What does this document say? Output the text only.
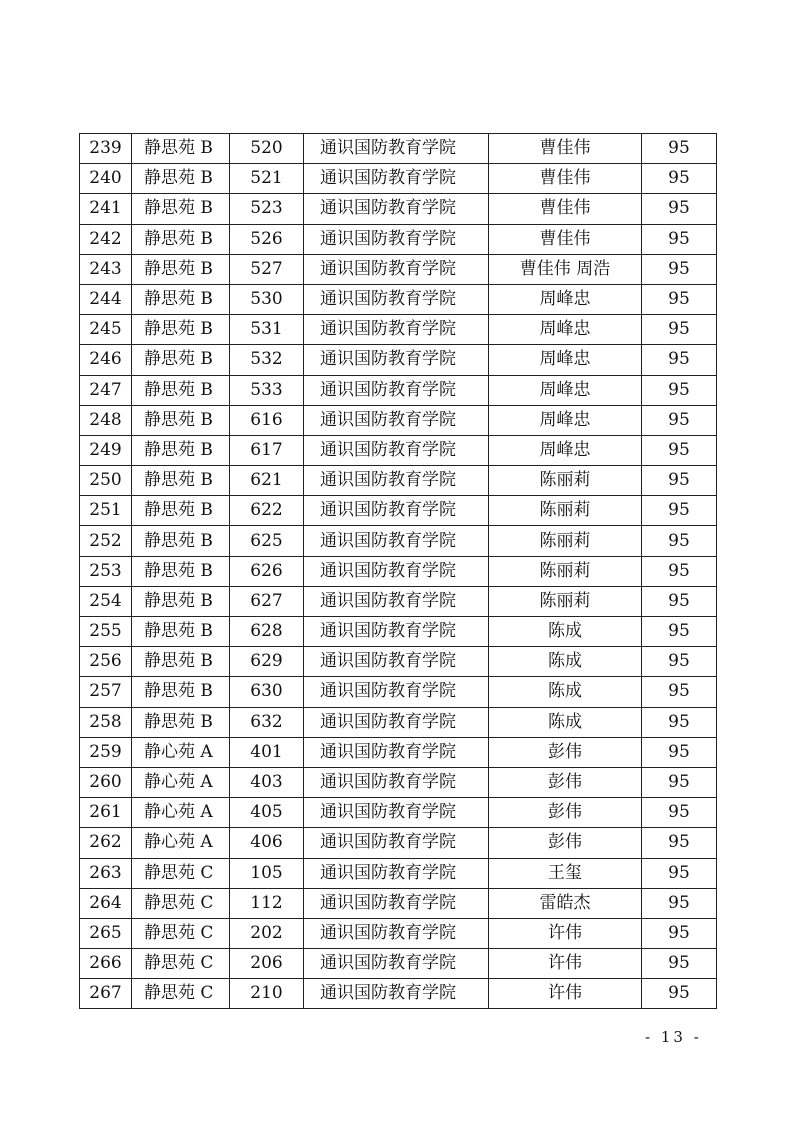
239	静思苑 B	520	通识国防教育学院	曹佳伟	95
240	静思苑 B	521	通识国防教育学院	曹佳伟	95
241	静思苑 B	523	通识国防教育学院	曹佳伟	95
242	静思苑 B	526	通识国防教育学院	曹佳伟	95
243	静思苑 B	527	通识国防教育学院	曹佳伟 周浩	95
244	静思苑 B	530	通识国防教育学院	周峰忠	95
245	静思苑 B	531	通识国防教育学院	周峰忠	95
246	静思苑 B	532	通识国防教育学院	周峰忠	95
247	静思苑 B	533	通识国防教育学院	周峰忠	95
248	静思苑 B	616	通识国防教育学院	周峰忠	95
249	静思苑 B	617	通识国防教育学院	周峰忠	95
250	静思苑 B	621	通识国防教育学院	陈丽莉	95
251	静思苑 B	622	通识国防教育学院	陈丽莉	95
252	静思苑 B	625	通识国防教育学院	陈丽莉	95
253	静思苑 B	626	通识国防教育学院	陈丽莉	95
254	静思苑 B	627	通识国防教育学院	陈丽莉	95
255	静思苑 B	628	通识国防教育学院	陈成	95
256	静思苑 B	629	通识国防教育学院	陈成	95
257	静思苑 B	630	通识国防教育学院	陈成	95
258	静思苑 B	632	通识国防教育学院	陈成	95
259	静心苑 A	401	通识国防教育学院	彭伟	95
260	静心苑 A	403	通识国防教育学院	彭伟	95
261	静心苑 A	405	通识国防教育学院	彭伟	95
262	静心苑 A	406	通识国防教育学院	彭伟	95
263	静思苑 C	105	通识国防教育学院	王玺	95
264	静思苑 C	112	通识国防教育学院	雷皓杰	95
265	静思苑 C	202	通识国防教育学院	许伟	95
266	静思苑 C	206	通识国防教育学院	许伟	95
267	静思苑 C	210	通识国防教育学院	许伟	95
- 13 -
